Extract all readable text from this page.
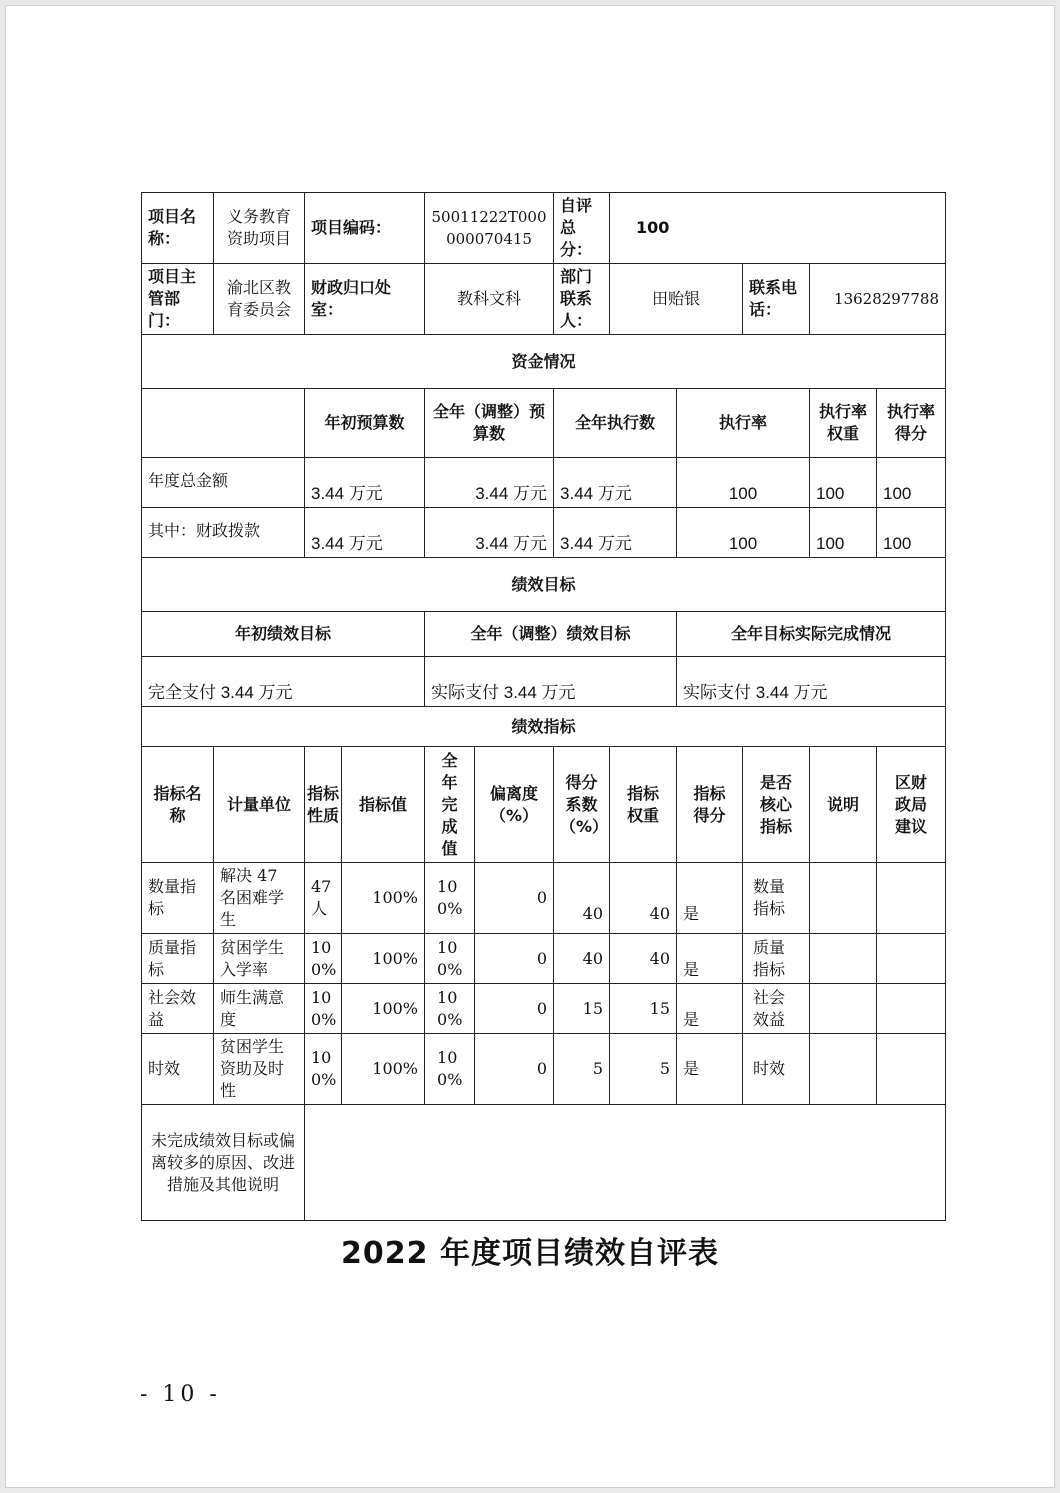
项目名称：	义务教育资助项目	项目编码：		50011222T000000070415		自评总分：	100				
项目主管部门：	渝北区教育委员会	财政归口处室：		教科文科		部门联系人：	田贻银		联系电话：	13628297788	
资金情况											
		年初预算数		全年（调整）预算数		全年执行数		执行率		执行率权重	执行率得分
年度总金额		3.44 万元		3.44 万元		3.44 万元		100		100	100
其中：财政拨款		3.44 万元		3.44 万元		3.44 万元		100		100	100
绩效目标											
年初绩效目标				全年（调整）绩效目标				全年目标实际完成情况			
完全支付 3.44 万元				实际支付 3.44 万元				实际支付 3.44 万元			
绩效指标											
指标名称	计量单位	指标性质	指标值	全年完成值	偏离度（%）	得分系数（%）	指标权重	指标得分	是否核心指标	说明	区财政局建议
数量指标	解决 47 名困难学生	47人	100%	100%	0	40	40	是	数量指标		
质量指标	贫困学生入学率	100%	100%	100%	0	40	40	是	质量指标		
社会效益	师生满意度	100%	100%	100%	0	15	15	是	社会效益		
时效	贫困学生资助及时性	100%	100%	100%	0	5	5	是	时效		
未完成绩效目标或偏离较多的原因、改进措施及其他说明											
2022 年度项目绩效自评表
- 10 -
